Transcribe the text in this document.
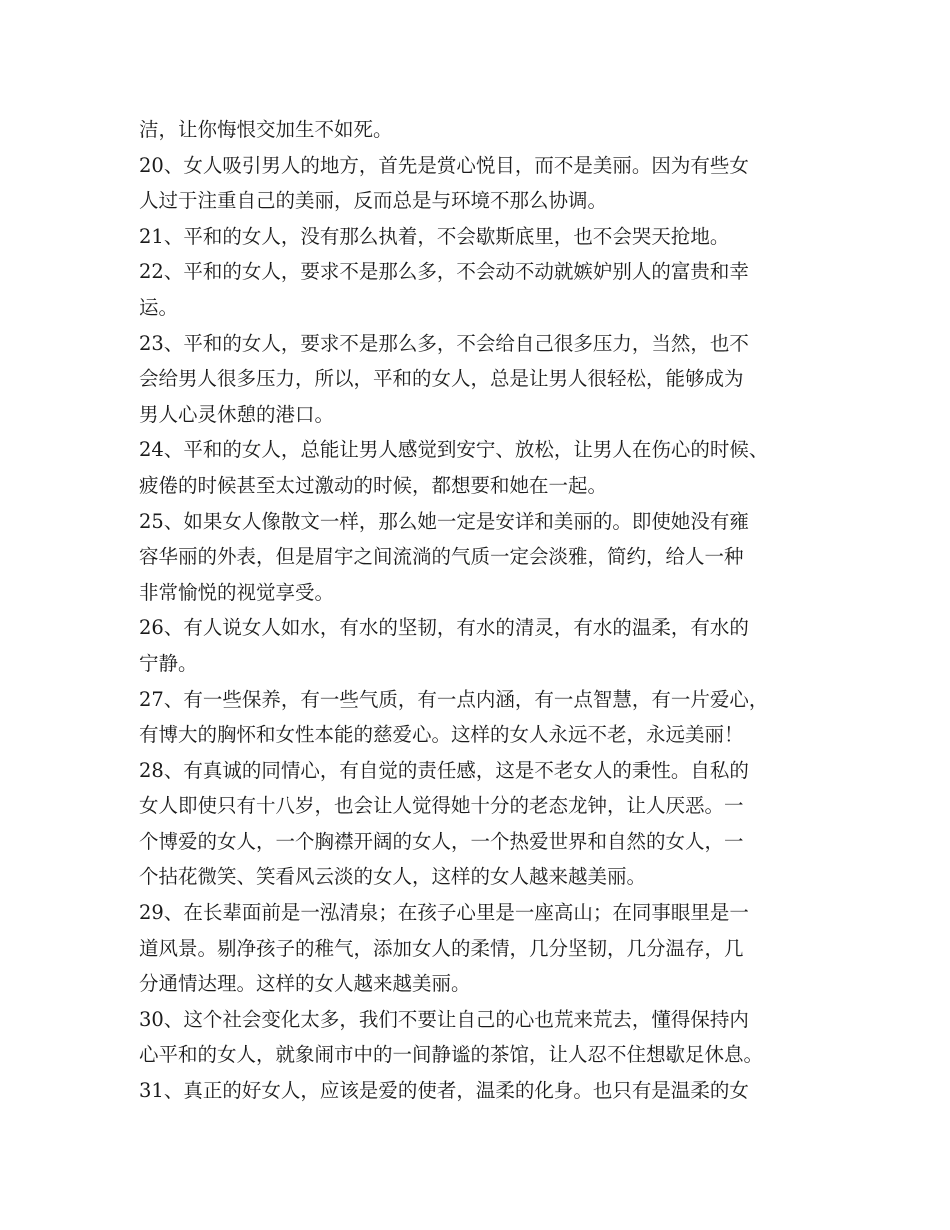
洁，让你悔恨交加生不如死。
20、女人吸引男人的地方，首先是赏心悦目，而不是美丽。因为有些女
人过于注重自己的美丽，反而总是与环境不那么协调。
21、平和的女人，没有那么执着，不会歇斯底里，也不会哭天抢地。
22、平和的女人，要求不是那么多，不会动不动就嫉妒别人的富贵和幸
运。
23、平和的女人，要求不是那么多，不会给自己很多压力，当然，也不
会给男人很多压力，所以，平和的女人，总是让男人很轻松，能够成为
男人心灵休憩的港口。
24、平和的女人，总能让男人感觉到安宁、放松，让男人在伤心的时候、
疲倦的时候甚至太过激动的时候，都想要和她在一起。
25、如果女人像散文一样，那么她一定是安详和美丽的。即使她没有雍
容华丽的外表，但是眉宇之间流淌的气质一定会淡雅，简约，给人一种
非常愉悦的视觉享受。
26、有人说女人如水，有水的坚韧，有水的清灵，有水的温柔，有水的
宁静。
27、有一些保养，有一些气质，有一点内涵，有一点智慧，有一片爱心，
有博大的胸怀和女性本能的慈爱心。这样的女人永远不老，永远美丽！
28、有真诚的同情心，有自觉的责任感，这是不老女人的秉性。自私的
女人即使只有十八岁，也会让人觉得她十分的老态龙钟，让人厌恶。一
个博爱的女人，一个胸襟开阔的女人，一个热爱世界和自然的女人，一
个拈花微笑、笑看风云淡的女人，这样的女人越来越美丽。
29、在长辈面前是一泓清泉；在孩子心里是一座高山；在同事眼里是一
道风景。剔净孩子的稚气，添加女人的柔情，几分坚韧，几分温存，几
分通情达理。这样的女人越来越美丽。
30、这个社会变化太多，我们不要让自己的心也荒来荒去，懂得保持内
心平和的女人，就象闹市中的一间静谧的茶馆，让人忍不住想歇足休息。
31、真正的好女人，应该是爱的使者，温柔的化身。也只有是温柔的女
